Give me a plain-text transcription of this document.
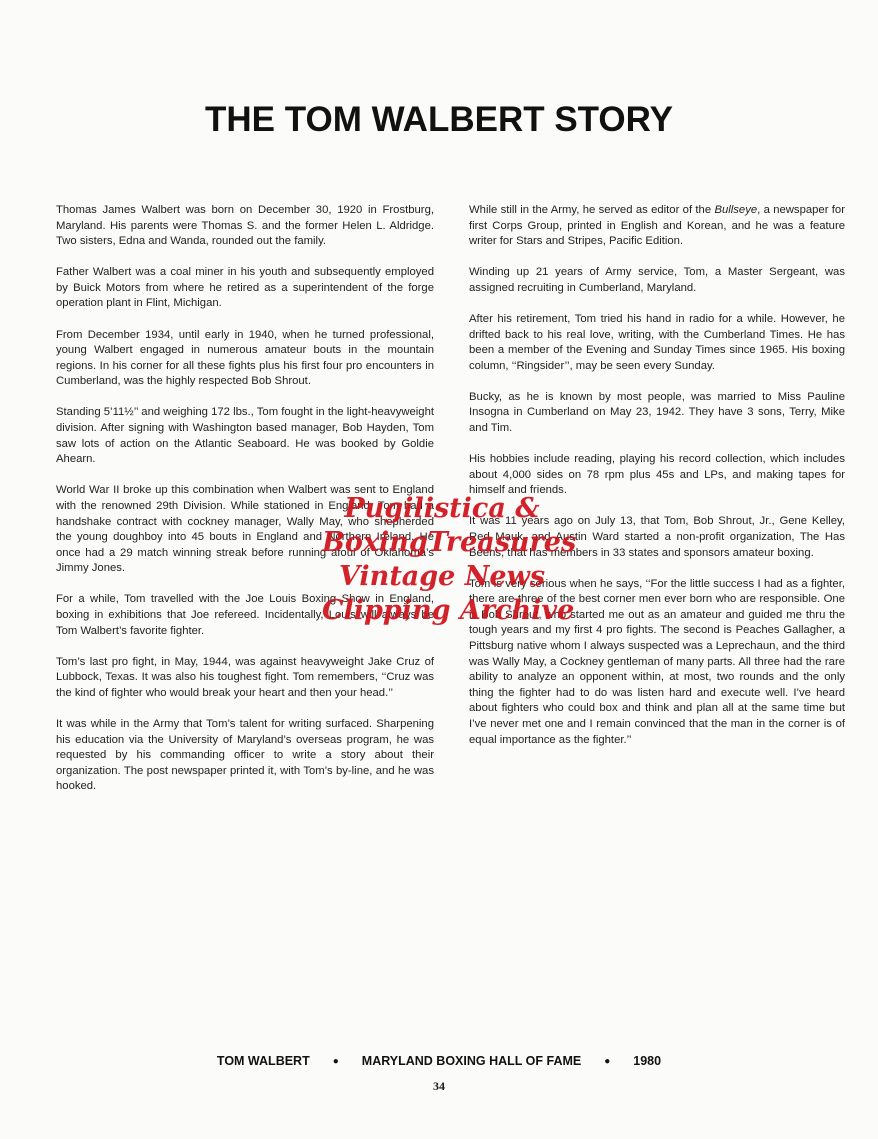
THE TOM WALBERT STORY

Thomas James Walbert was born on December 30, 1920 in Frostburg, Maryland. His parents were Thomas S. and the former Helen L. Aldridge. Two sisters, Edna and Wanda, rounded out the family.

Father Walbert was a coal miner in his youth and subsequently employed by Buick Motors from where he retired as a superintendent of the forge operation plant in Flint, Michigan.

From December 1934, until early in 1940, when he turned professional, young Walbert engaged in numerous amateur bouts in the mountain regions. In his corner for all these fights plus his first four pro encounters in Cumberland, was the highly respected Bob Shrout.

Standing 5’11½’’ and weighing 172 lbs., Tom fought in the light-heavyweight division. After signing with Washington based manager, Bob Hayden, Tom saw lots of action on the Atlantic Seaboard. He was booked by Goldie Ahearn.

World War II broke up this combination when Walbert was sent to England with the renowned 29th Division. While stationed in England, Tom had a handshake contract with cockney manager, Wally May, who shepherded the young doughboy into 45 bouts in England and Northern Ireland. He once had a 29 match winning streak before running afoul of Oklahoma’s Jimmy Jones.

For a while, Tom travelled with the Joe Louis Boxing Show in England, boxing in exhibitions that Joe refereed. Incidentally, Louis will always be Tom Walbert’s favorite fighter.

Tom’s last pro fight, in May, 1944, was against heavyweight Jake Cruz of Lubbock, Texas. It was also his toughest fight. Tom remembers, ‘‘Cruz was the kind of fighter who would break your heart and then your head.’’

It was while in the Army that Tom’s talent for writing surfaced. Sharpening his education via the University of Maryland’s overseas program, he was requested by his commanding officer to write a story about their organization. The post newspaper printed it, with Tom’s by-line, and he was hooked.

While still in the Army, he served as editor of the Bullseye, a newspaper for first Corps Group, printed in English and Korean, and he was a feature writer for Stars and Stripes, Pacific Edition.

Winding up 21 years of Army service, Tom, a Master Sergeant, was assigned recruiting in Cumberland, Maryland.

After his retirement, Tom tried his hand in radio for a while. However, he drifted back to his real love, writing, with the Cumberland Times. He has been a member of the Evening and Sunday Times since 1965. His boxing column, ‘‘Ringsider’’, may be seen every Sunday.

Bucky, as he is known by most people, was married to Miss Pauline Insogna in Cumberland on May 23, 1942. They have 3 sons, Terry, Mike and Tim.

His hobbies include reading, playing his record collection, which includes about 4,000 sides on 78 rpm plus 45s and LPs, and making tapes for himself and friends.

It was 11 years ago on July 13, that Tom, Bob Shrout, Jr., Gene Kelley, Red Mauk, and Austin Ward started a non-profit organization, The Has Beens, that has members in 33 states and sponsors amateur boxing.

Tom is very serious when he says, ‘‘For the little success I had as a fighter, there are three of the best corner men ever born who are responsible. One is Bob Shrout, who started me out as an amateur and guided me thru the tough years and my first 4 pro fights. The second is Peaches Gallagher, a Pittsburg native whom I always suspected was a Leprechaun, and the third was Wally May, a Cockney gentleman of many parts. All three had the rare ability to analyze an opponent within, at most, two rounds and the only thing the fighter had to do was listen hard and execute well. I’ve heard about fighters who could box and think and plan all at the same time but I’ve never met one and I remain convinced that the man in the corner is of equal importance as the fighter.’’

Pugilistica &
BoxingTreasures
Vintage News
Clipping Archive
TOM WALBERT ● MARYLAND BOXING HALL OF FAME ● 1980
34
